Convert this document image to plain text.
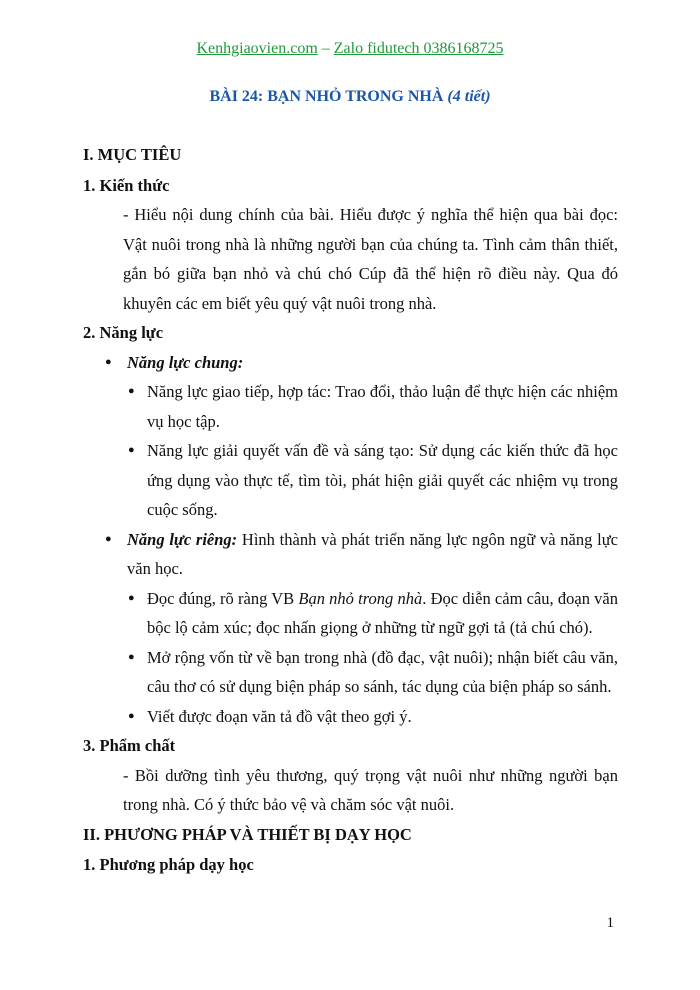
Kenhgiaovien.com – Zalo fidutech 0386168725
BÀI 24: BẠN NHỎ TRONG NHÀ (4 tiết)
I. MỤC TIÊU
1. Kiến thức
- Hiểu nội dung chính của bài. Hiểu được ý nghĩa thể hiện qua bài đọc: Vật nuôi trong nhà là những người bạn của chúng ta. Tình cảm thân thiết, gắn bó giữa bạn nhỏ và chú chó Cúp đã thể hiện rõ điều này. Qua đó khuyên các em biết yêu quý vật nuôi trong nhà.
2. Năng lực
● Năng lực chung:
● Năng lực giao tiếp, hợp tác: Trao đổi, thảo luận để thực hiện các nhiệm vụ học tập.
● Năng lực giải quyết vấn đề và sáng tạo: Sử dụng các kiến thức đã học ứng dụng vào thực tế, tìm tòi, phát hiện giải quyết các nhiệm vụ trong cuộc sống.
● Năng lực riêng: Hình thành và phát triển năng lực ngôn ngữ và năng lực văn học.
● Đọc đúng, rõ ràng VB Bạn nhỏ trong nhà. Đọc diễn cảm câu, đoạn văn bộc lộ cảm xúc; đọc nhấn giọng ở những từ ngữ gợi tả (tả chú chó).
● Mở rộng vốn từ về bạn trong nhà (đồ đạc, vật nuôi); nhận biết câu văn, câu thơ có sử dụng biện pháp so sánh, tác dụng của biện pháp so sánh.
● Viết được đoạn văn tả đồ vật theo gợi ý.
3. Phẩm chất
- Bồi dưỡng tình yêu thương, quý trọng vật nuôi như những người bạn trong nhà. Có ý thức bảo vệ và chăm sóc vật nuôi.
II. PHƯƠNG PHÁP VÀ THIẾT BỊ DẠY HỌC
1. Phương pháp dạy học
1
